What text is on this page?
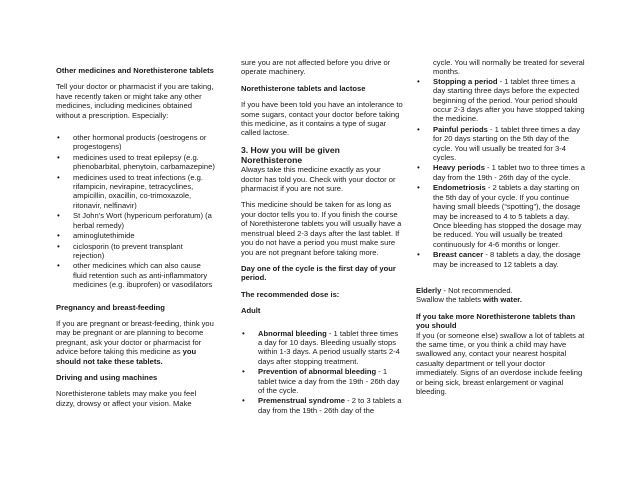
Other medicines and Norethisterone tablets

Tell your doctor or pharmacist if you are taking, have recently taken or might take any other medicines, including medicines obtained without a prescription. Especially:

• other hormonal products (oestrogens or progestogens)
• medicines used to treat epilepsy (e.g. phenobarbital, phenytoin, carbamazepine)
• medicines used to treat infections (e.g. rifampicin, nevirapine, tetracyclines, ampicillin, oxacillin, co-trimoxazole, ritonavir, nelfinavir)
• St John's Wort (hypericum perforatum) (a herbal remedy)
• aminoglutethimide
• ciclosporin (to prevent transplant rejection)
• other medicines which can also cause fluid retention such as anti-inflammatory medicines (e.g. ibuprofen) or vasodilators
Pregnancy and breast-feeding

If you are pregnant or breast-feeding, think you may be pregnant or are planning to become pregnant, ask your doctor or pharmacist for advice before taking this medicine as you should not take these tablets.

Driving and using machines

Norethisterone tablets may make you feel dizzy, drowsy or affect your vision. Make

sure you are not affected before you drive or operate machinery.

Norethisterone tablets and lactose

If you have been told you have an intolerance to some sugars, contact your doctor before taking this medicine, as it contains a type of sugar called lactose.

3. How you will be given Norethisterone

Always take this medicine exactly as your doctor has told you. Check with your doctor or pharmacist if you are not sure.

This medicine should be taken for as long as your doctor tells you to. If you finish the course of Norethisterone tablets you will usually have a menstrual bleed 2-3 days after the last tablet. If you do not have a period you must make sure you are not pregnant before taking more.

Day one of the cycle is the first day of your period.

The recommended dose is:
Adult
• Abnormal bleeding - 1 tablet three times a day for 10 days. Bleeding usually stops within 1-3 days. A period usually starts 2-4 days after stopping treatment.
• Prevention of abnormal bleeding - 1 tablet twice a day from the 19th - 26th day of the cycle.
• Premenstrual syndrome - 2 to 3 tablets a day from the 19th - 26th day of the
cycle. You will normally be treated for several months.
• Stopping a period - 1 tablet three times a day starting three days before the expected beginning of the period. Your period should occur 2-3 days after you have stopped taking the medicine.
• Painful periods - 1 tablet three times a day for 20 days starting on the 5th day of the cycle. You will usually be treated for 3-4 cycles.
• Heavy periods - 1 tablet two to three times a day from the 19th - 26th day of the cycle.
• Endometriosis - 2 tablets a day starting on the 5th day of your cycle. If you continue having small bleeds (“spotting”), the dosage may be increased to 4 to 5 tablets a day. Once bleeding has stopped the dosage may be reduced. You will usually be treated continuously for 4-6 months or longer.
• Breast cancer - 8 tablets a day, the dosage may be increased to 12 tablets a day.
Elderly - Not recommended.

Swallow the tablets with water.

If you take more Norethisterone tablets than you should

If you (or someone else) swallow a lot of tablets at the same time, or you think a child may have swallowed any, contact your nearest hospital casualty department or tell your doctor immediately. Signs of an overdose include feeling or being sick, breast enlargement or vaginal bleeding.
